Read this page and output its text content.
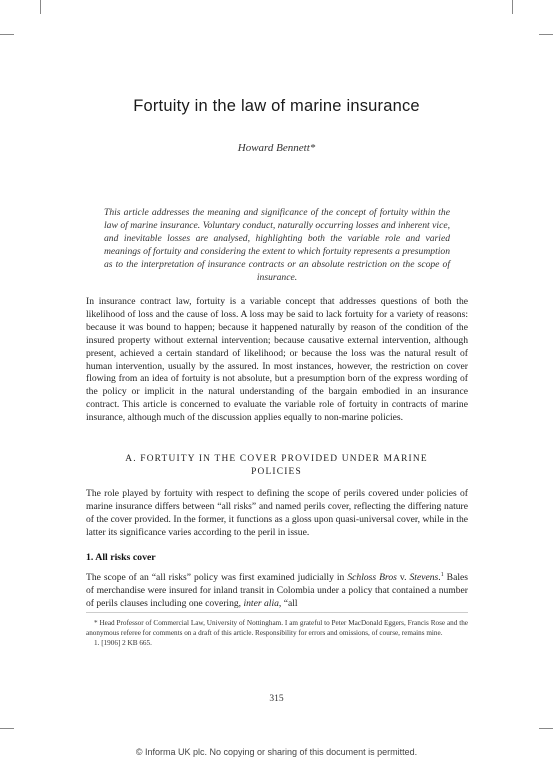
Fortuity in the law of marine insurance
Howard Bennett*
This article addresses the meaning and significance of the concept of fortuity within the law of marine insurance. Voluntary conduct, naturally occurring losses and inherent vice, and inevitable losses are analysed, highlighting both the variable role and varied meanings of fortuity and considering the extent to which fortuity represents a presumption as to the interpretation of insurance contracts or an absolute restriction on the scope of insurance.
In insurance contract law, fortuity is a variable concept that addresses questions of both the likelihood of loss and the cause of loss. A loss may be said to lack fortuity for a variety of reasons: because it was bound to happen; because it happened naturally by reason of the condition of the insured property without external intervention; because causative external intervention, although present, achieved a certain standard of likelihood; or because the loss was the natural result of human intervention, usually by the assured. In most instances, however, the restriction on cover flowing from an idea of fortuity is not absolute, but a presumption born of the express wording of the policy or implicit in the natural understanding of the bargain embodied in an insurance contract. This article is concerned to evaluate the variable role of fortuity in contracts of marine insurance, although much of the discussion applies equally to non-marine policies.
A. FORTUITY IN THE COVER PROVIDED UNDER MARINE POLICIES
The role played by fortuity with respect to defining the scope of perils covered under policies of marine insurance differs between “all risks” and named perils cover, reflecting the differing nature of the cover provided. In the former, it functions as a gloss upon quasi-universal cover, while in the latter its significance varies according to the peril in issue.
1. All risks cover
The scope of an “all risks” policy was first examined judicially in Schloss Bros v. Stevens.$^1$ Bales of merchandise were insured for inland transit in Colombia under a policy that contained a number of perils clauses including one covering, inter alia, “all
* Head Professor of Commercial Law, University of Nottingham. I am grateful to Peter MacDonald Eggers, Francis Rose and the anonymous referee for comments on a draft of this article. Responsibility for errors and omissions, of course, remains mine.
1. [1906] 2 KB 665.
315
© Informa UK plc. No copying or sharing of this document is permitted.
